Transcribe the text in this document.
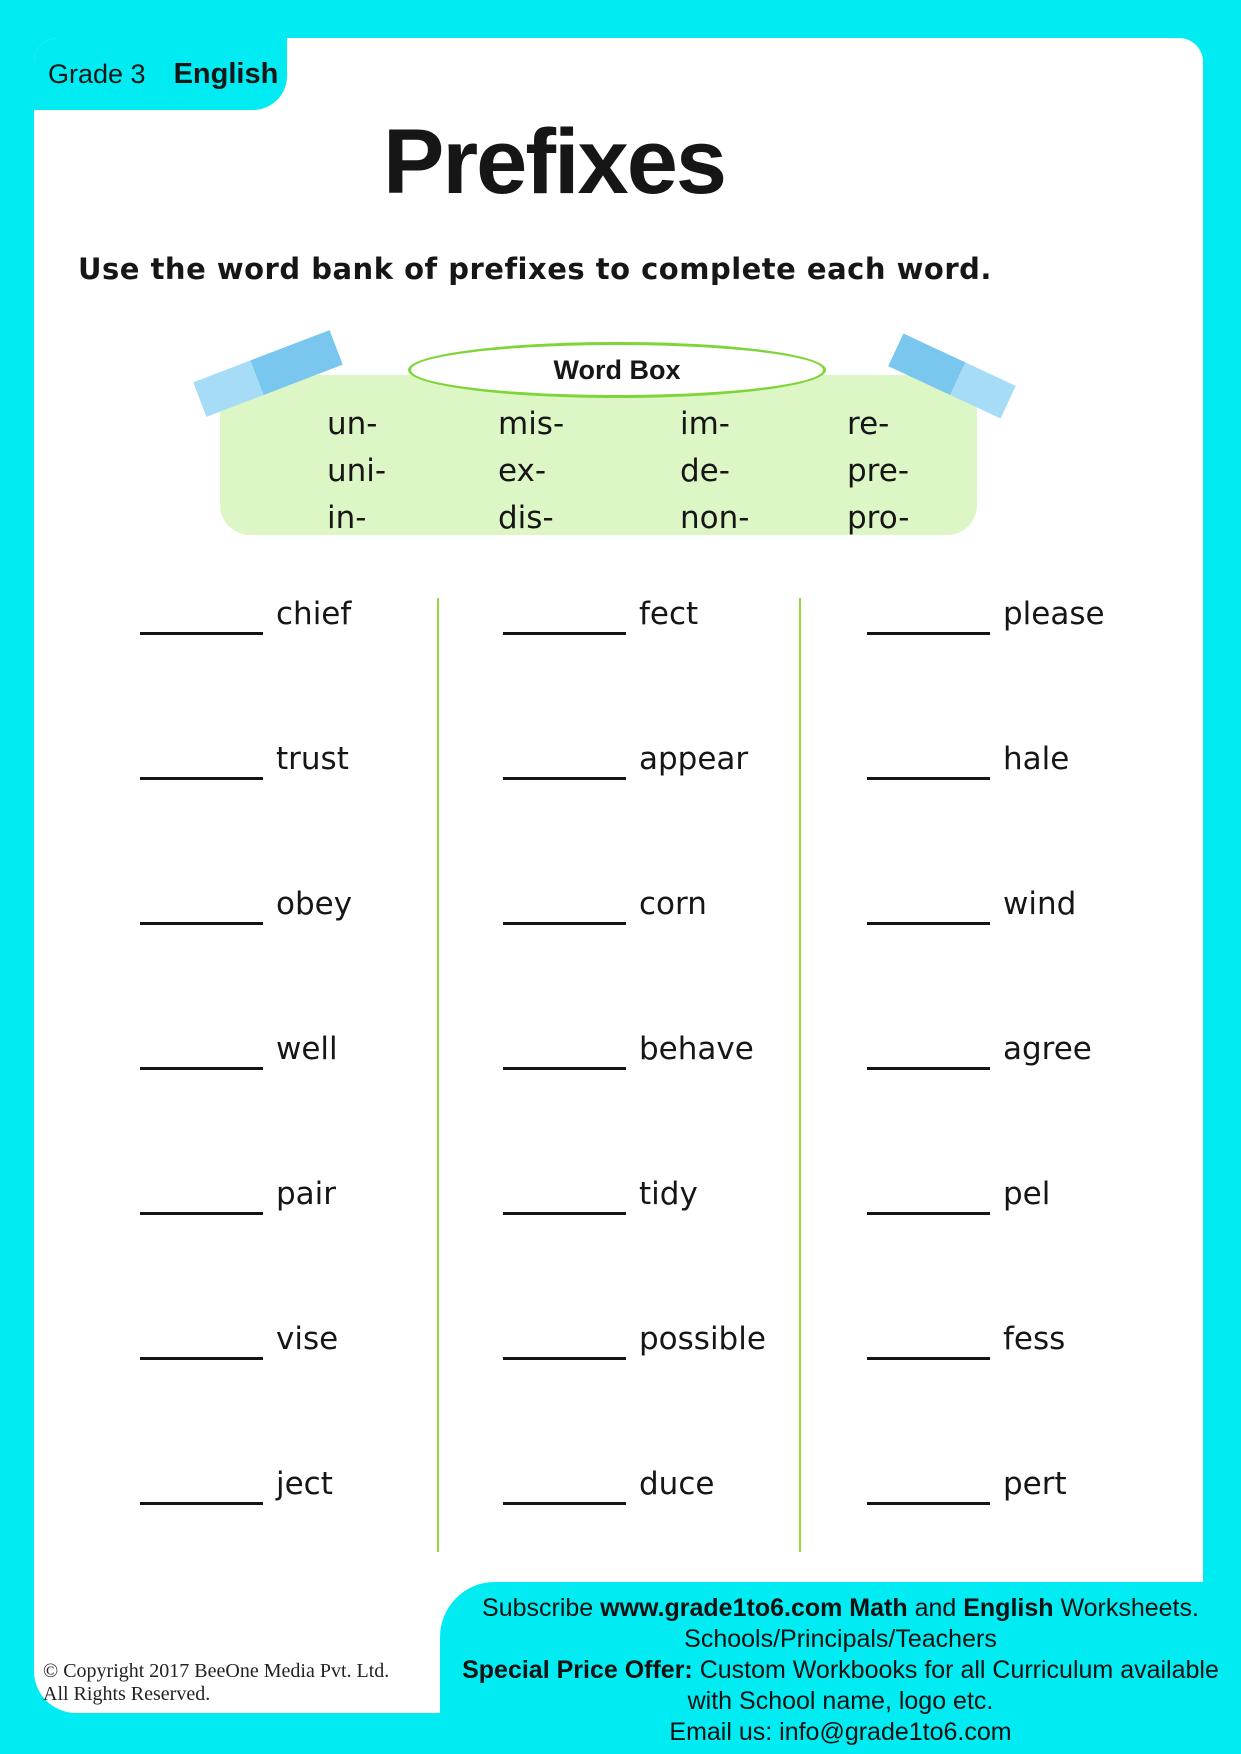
Grade 3 English
Prefixes
Use the word bank of prefixes to complete each word.
un-	mis-	im-	re-
uni-	ex-	de-	pre-
in-	dis-	non-	pro-
Word Box
chief
trust
obey
well
pair
vise
ject
fect
appear
corn
behave
tidy
possible
duce
please
hale
wind
agree
pel
fess
pert
Subscribe www.grade1to6.com Math and English Worksheets.
Schools/Principals/Teachers
Special Price Offer: Custom Workbooks for all Curriculum available
with School name, logo etc.
Email us: info@grade1to6.com
© Copyright 2017 BeeOne Media Pvt. Ltd.
All Rights Reserved.
